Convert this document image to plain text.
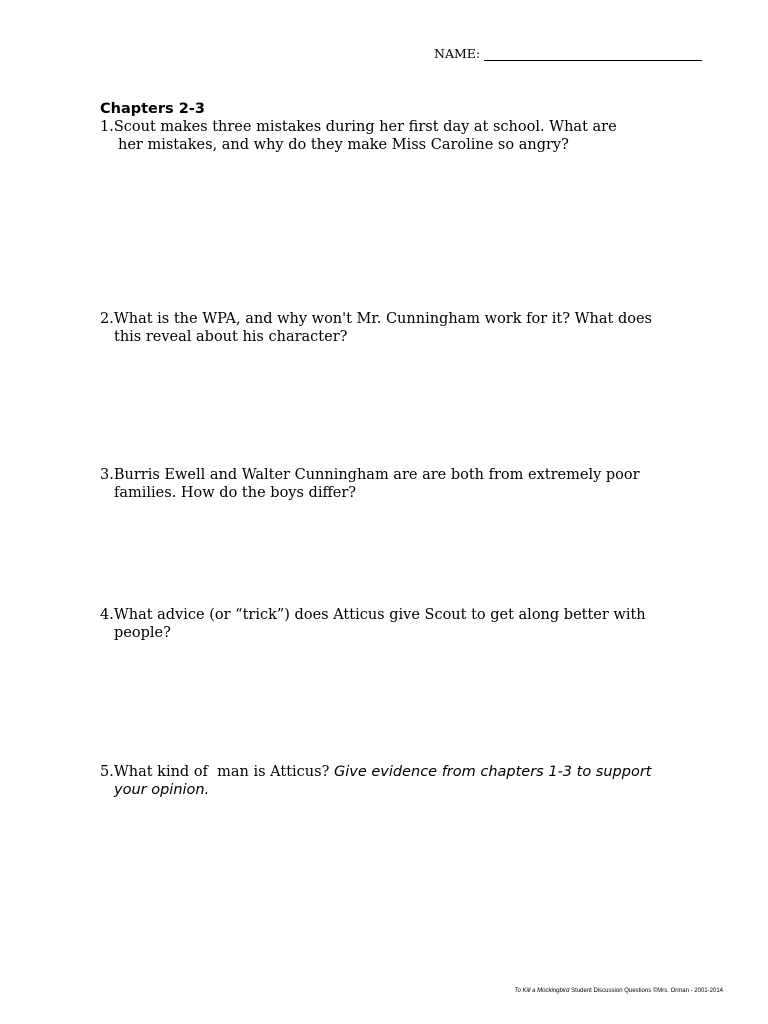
NAME:
Chapters 2-3
1.Scout makes three mistakes during her first day at school. What are
her mistakes, and why do they make Miss Caroline so angry?
2.What is the WPA, and why won't Mr. Cunningham work for it? What does
this reveal about his character?
3.Burris Ewell and Walter Cunningham are are both from extremely poor
families. How do the boys differ?
4.What advice (or “trick”) does Atticus give Scout to get along better with
people?
5.What kind of  man is Atticus? Give evidence from chapters 1-3 to support
your opinion.
To Kill a Mockingbird Student Discussion Questions ©Mrs. Orman - 2001-2014
